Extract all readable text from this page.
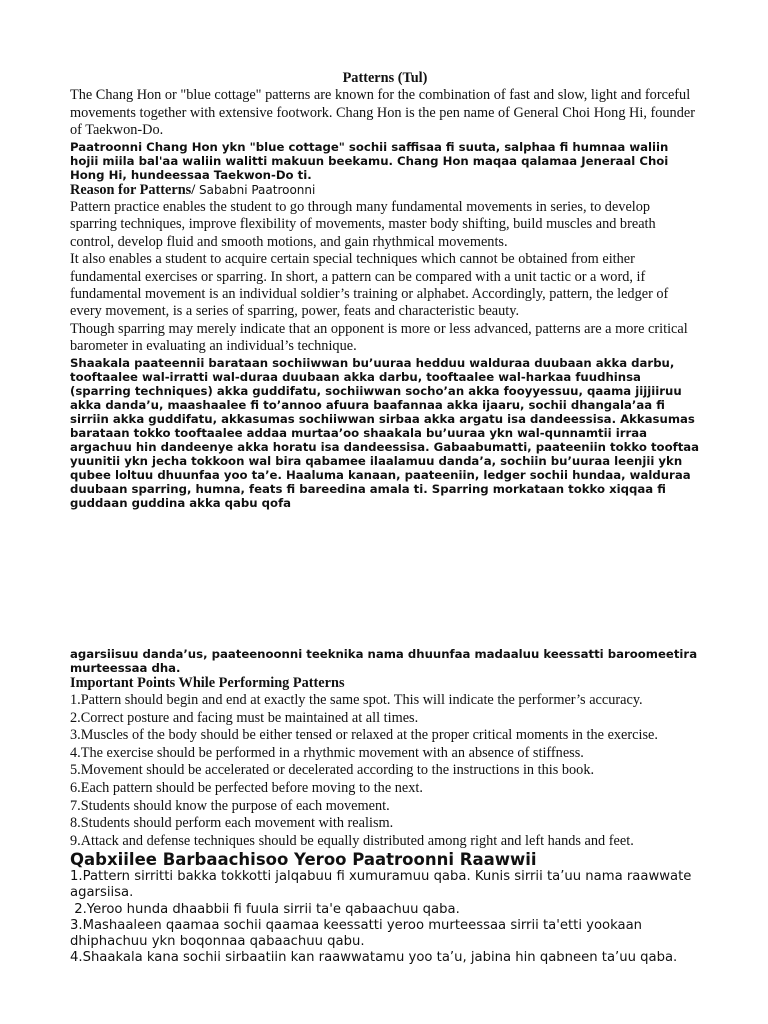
Patterns (Tul)

The Chang Hon or "blue cottage" patterns are known for the combination of fast and slow, light and forceful movements together with extensive footwork. Chang Hon is the pen name of General Choi Hong Hi, founder of Taekwon-Do.

Paatroonni Chang Hon ykn "blue cottage" sochii saffisaa fi suuta, salphaa fi humnaa waliin hojii miila bal'aa waliin walitti makuun beekamu. Chang Hon maqaa qalamaa Jeneraal Choi Hong Hi, hundeessaa Taekwon-Do ti.

Reason for Patterns/ Sababni Paatroonni

Pattern practice enables the student to go through many fundamental movements in series, to develop sparring techniques, improve flexibility of movements, master body shifting, build muscles and breath control, develop fluid and smooth motions, and gain rhythmical movements.

It also enables a student to acquire certain special techniques which cannot be obtained from either fundamental exercises or sparring. In short, a pattern can be compared with a unit tactic or a word, if fundamental movement is an individual soldier’s training or alphabet. Accordingly, pattern, the ledger of every movement, is a series of sparring, power, feats and characteristic beauty.

Though sparring may merely indicate that an opponent is more or less advanced, patterns are a more critical barometer in evaluating an individual’s technique.

Shaakala paateennii barataan sochiiwwan bu’uuraa hedduu walduraa duubaan akka darbu, tooftaalee wal-irratti wal-duraa duubaan akka darbu, tooftaalee wal-harkaa fuudhinsa (sparring techniques) akka guddifatu, sochiiwwan socho’an akka fooyyessuu, qaama jijjiiruu akka danda’u, maashaalee fi to’annoo afuura baafannaa akka ijaaru, sochii dhangala’aa fi sirriin akka guddifatu, akkasumas sochiiwwan sirbaa akka argatu isa dandeessisa. Akkasumas barataan tokko tooftaalee addaa murtaa’oo shaakala bu’uuraa ykn wal-qunnamtii irraa argachuu hin dandeenye akka horatu isa dandeessisa. Gabaabumatti, paateeniin tokko tooftaa yuunitii ykn jecha tokkoon wal bira qabamee ilaalamuu danda’a, sochiin bu’uuraa leenjii ykn qubee loltuu dhuunfaa yoo ta’e. Haaluma kanaan, paateeniin, ledger sochii hundaa, walduraa duubaan sparring, humna, feats fi bareedina amala ti. Sparring morkataan tokko xiqqaa fi guddaan guddina akka qabu qofa

agarsiisuu danda’us, paateenoonni teeknika nama dhuunfaa madaaluu keessatti baroomeetira murteessaa dha.

Important Points While Performing Patterns

1.Pattern should begin and end at exactly the same spot. This will indicate the performer’s accuracy.
2.Correct posture and facing must be maintained at all times.
3.Muscles of the body should be either tensed or relaxed at the proper critical moments in the exercise.
4.The exercise should be performed in a rhythmic movement with an absence of stiffness.
5.Movement should be accelerated or decelerated according to the instructions in this book.
6.Each pattern should be perfected before moving to the next.
7.Students should know the purpose of each movement.
8.Students should perform each movement with realism.
9.Attack and defense techniques should be equally distributed among right and left hands and feet.

Qabxiilee Barbaachisoo Yeroo Paatroonni Raawwii

1.Pattern sirritti bakka tokkotti jalqabuu fi xumuramuu qaba. Kunis sirrii ta’uu nama raawwate agarsiisa.
2.Yeroo hunda dhaabbii fi fuula sirrii ta'e qabaachuu qaba.
3.Mashaaleen qaamaa sochii qaamaa keessatti yeroo murteessaa sirrii ta'etti yookaan dhiphachuu ykn boqonnaa qabaachuu qabu.
4.Shaakala kana sochii sirbaatiin kan raawwatamu yoo ta’u, jabina hin qabneen ta’uu qaba.
